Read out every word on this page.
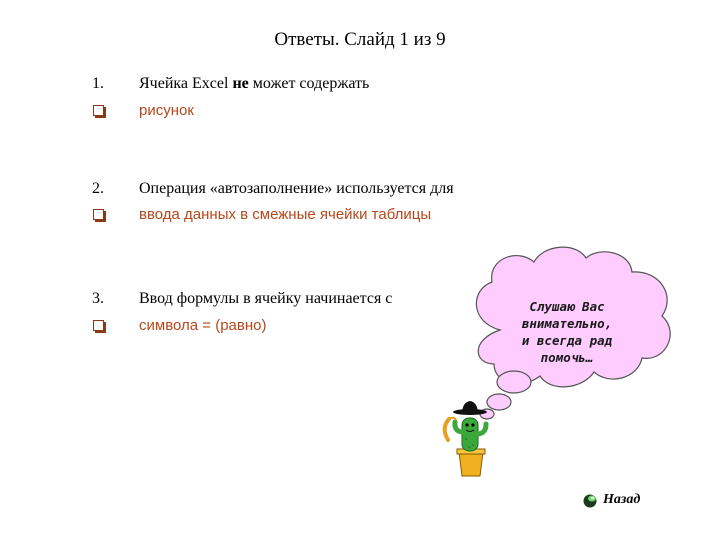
Ответы. Слайд 1 из 9
1. Ячейка Excel не может содержать
рисунок
2. Операция «автозаполнение» используется для
ввода данных в смежные ячейки таблицы
3. Ввод формулы в ячейку начинается с
символа = (равно)
Слушаю Вас
внимательно,
и всегда рад
помочь…
Назад
